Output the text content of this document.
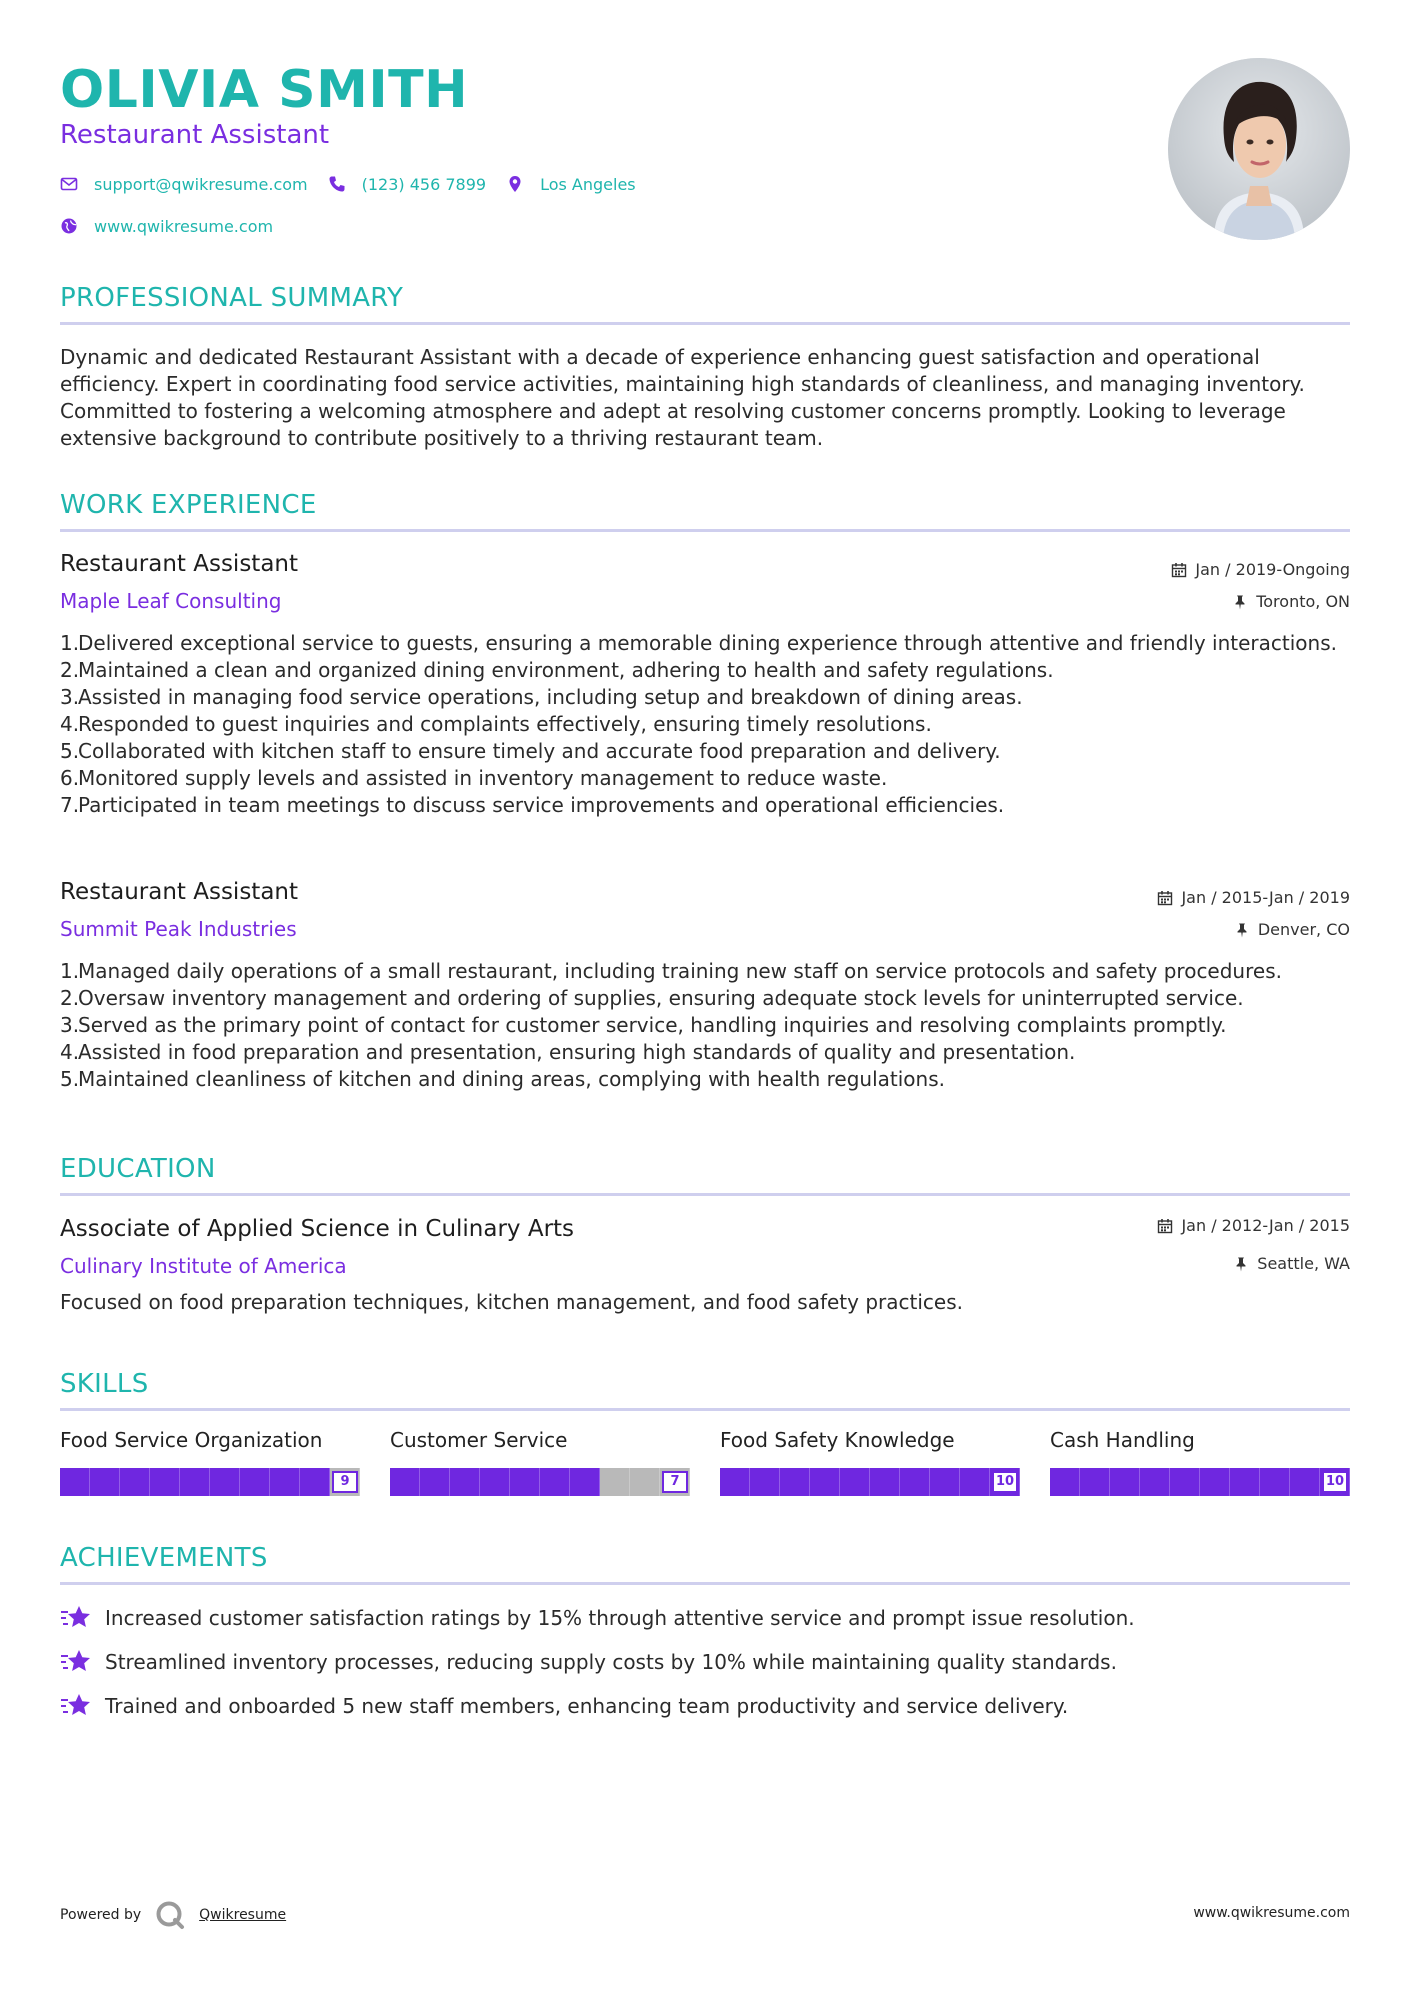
OLIVIA SMITH
Restaurant Assistant
support@qwikresume.com	(123) 456 7899	Los Angeles
www.qwikresume.com
PROFESSIONAL SUMMARY

Dynamic and dedicated Restaurant Assistant with a decade of experience enhancing guest satisfaction and operational efficiency. Expert in coordinating food service activities, maintaining high standards of cleanliness, and managing inventory. Committed to fostering a welcoming atmosphere and adept at resolving customer concerns promptly. Looking to leverage extensive background to contribute positively to a thriving restaurant team.

WORK EXPERIENCE
Restaurant Assistant	Jan / 2019-Ongoing
Maple Leaf Consulting	Toronto, ON
1.
Delivered exceptional service to guests, ensuring a memorable dining experience through attentive and friendly interactions.
2.
Maintained a clean and organized dining environment, adhering to health and safety regulations.
3.
Assisted in managing food service operations, including setup and breakdown of dining areas.
4.
Responded to guest inquiries and complaints effectively, ensuring timely resolutions.
5.
Collaborated with kitchen staff to ensure timely and accurate food preparation and delivery.
6.
Monitored supply levels and assisted in inventory management to reduce waste.
7.
Participated in team meetings to discuss service improvements and operational efficiencies.
Restaurant Assistant	Jan / 2015-Jan / 2019
Summit Peak Industries	Denver, CO
1.
Managed daily operations of a small restaurant, including training new staff on service protocols and safety procedures.
2.
Oversaw inventory management and ordering of supplies, ensuring adequate stock levels for uninterrupted service.
3.
Served as the primary point of contact for customer service, handling inquiries and resolving complaints promptly.
4.
Assisted in food preparation and presentation, ensuring high standards of quality and presentation.
5.
Maintained cleanliness of kitchen and dining areas, complying with health regulations.
EDUCATION
Associate of Applied Science in Culinary Arts	Jan / 2012-Jan / 2015
Culinary Institute of America	Seattle, WA
Focused on food preparation techniques, kitchen management, and food safety practices.
SKILLS
Food Service Organization
9
Customer Service
7
Food Safety Knowledge
10
Cash Handling
10
ACHIEVEMENTS
Increased customer satisfaction ratings by 15% through attentive service and prompt issue resolution.
Streamlined inventory processes, reducing supply costs by 10% while maintaining quality standards.
Trained and onboarded 5 new staff members, enhancing team productivity and service delivery.
Powered by	Qwikresume	www.qwikresume.com
